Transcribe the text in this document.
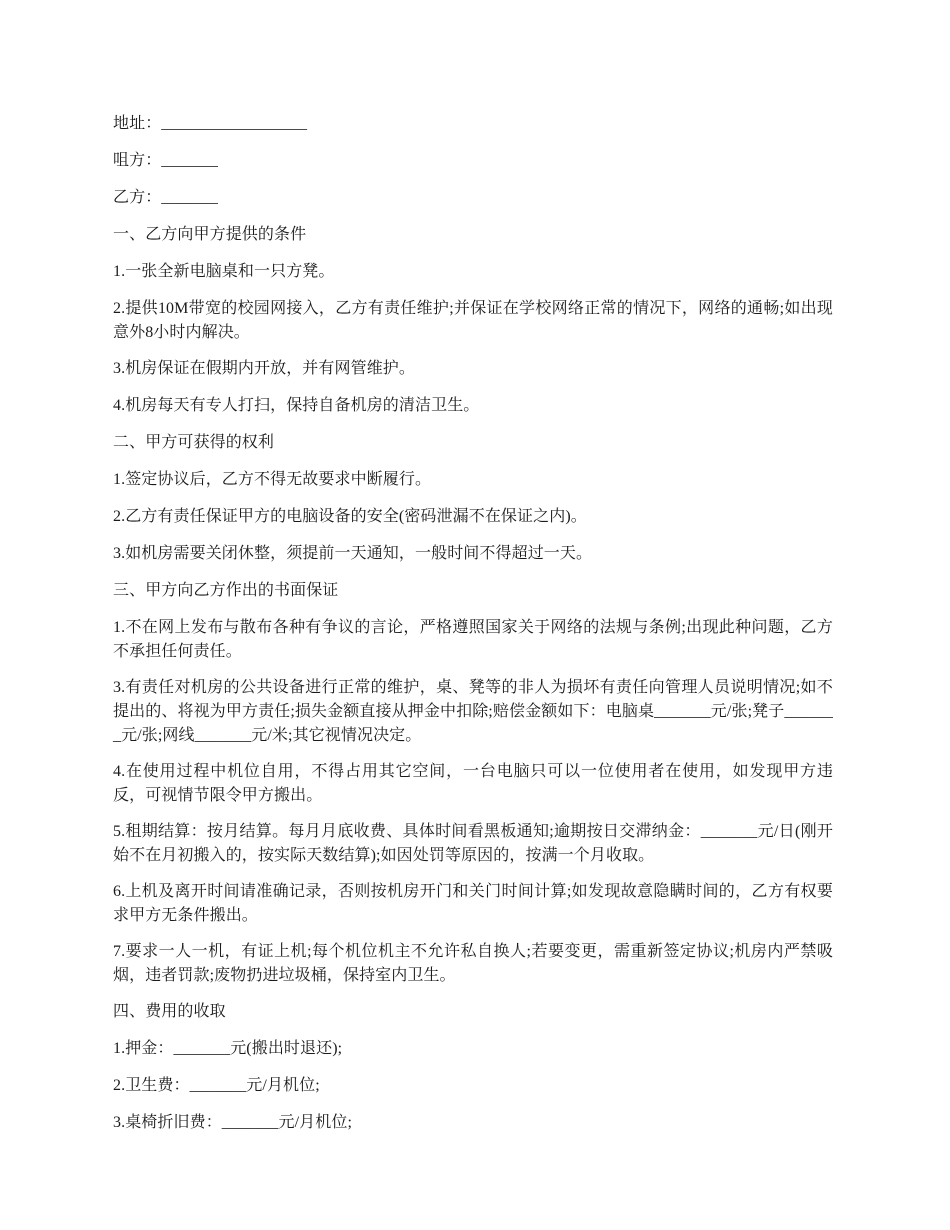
地址：__________________

咀方：_______

乙方：_______

一、乙方向甲方提供的条件

1.一张全新电脑桌和一只方凳。

2.提供10M带宽的校园网接入，乙方有责任维护;并保证在学校网络正常的情况下，网络的通畅;如出现意外8小时内解决。

3.机房保证在假期内开放，并有网管维护。

4.机房每天有专人打扫，保持自备机房的清洁卫生。

二、甲方可获得的权利

1.签定协议后，乙方不得无故要求中断履行。

2.乙方有责任保证甲方的电脑设备的安全(密码泄漏不在保证之内)。

3.如机房需要关闭休整，须提前一天通知，一般时间不得超过一天。

三、甲方向乙方作出的书面保证

1.不在网上发布与散布各种有争议的言论，严格遵照国家关于网络的法规与条例;出现此种问题，乙方不承担任何责任。

3.有责任对机房的公共设备进行正常的维护，桌、凳等的非人为损坏有责任向管理人员说明情况;如不提出的、将视为甲方责任;损失金额直接从押金中扣除;赔偿金额如下：电脑桌_______元/张;凳子_______元/张;网线_______元/米;其它视情况决定。

4.在使用过程中机位自用，不得占用其它空间，一台电脑只可以一位使用者在使用，如发现甲方违反，可视情节限令甲方搬出。

5.租期结算：按月结算。每月月底收费、具体时间看黑板通知;逾期按日交滞纳金：_______元/日(刚开始不在月初搬入的，按实际天数结算);如因处罚等原因的，按满一个月收取。

6.上机及离开时间请准确记录，否则按机房开门和关门时间计算;如发现故意隐瞒时间的，乙方有权要求甲方无条件搬出。

7.要求一人一机，有证上机;每个机位机主不允许私自换人;若要变更，需重新签定协议;机房内严禁吸烟，违者罚款;废物扔进垃圾桶，保持室内卫生。

四、费用的收取

1.押金：_______元(搬出时退还);

2.卫生费：_______元/月机位;

3.桌椅折旧费：_______元/月机位;
